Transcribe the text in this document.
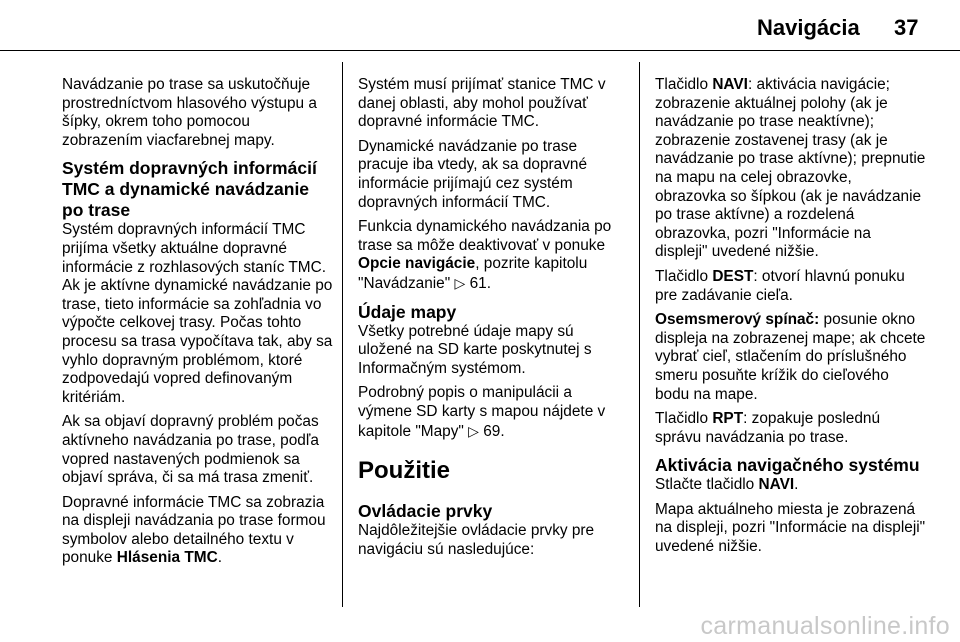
Navigácia 37

Navádzanie po trase sa uskutočňuje prostredníctvom hlasového výstupu a šípky, okrem toho pomocou zobrazením viacfarebnej mapy.

Systém dopravných informácií TMC a dynamické navádzanie po trase

Systém dopravných informácií TMC prijíma všetky aktuálne dopravné informácie z rozhlasových staníc TMC. Ak je aktívne dynamické navádzanie po trase, tieto informácie sa zohľadnia vo výpočte celkovej trasy. Počas tohto procesu sa trasa vypočítava tak, aby sa vyhlo dopravným problémom, ktoré zodpovedajú vopred definovaným kritériám.

Ak sa objaví dopravný problém počas aktívneho navádzania po trase, podľa vopred nastavených podmienok sa objaví správa, či sa má trasa zmeniť.

Dopravné informácie TMC sa zobrazia na displeji navádzania po trase formou symbolov alebo detailného textu v ponuke Hlásenia TMC.

Systém musí prijímať stanice TMC v danej oblasti, aby mohol používať dopravné informácie TMC.

Dynamické navádzanie po trase pracuje iba vtedy, ak sa dopravné informácie prijímajú cez systém dopravných informácií TMC.

Funkcia dynamického navádzania po trase sa môže deaktivovať v ponuke Opcie navigácie, pozrite kapitolu "Navádzanie" ▷ 61.

Údaje mapy

Všetky potrebné údaje mapy sú uložené na SD karte poskytnutej s Informačným systémom.

Podrobný popis o manipulácii a výmene SD karty s mapou nájdete v kapitole "Mapy" ▷ 69.

Použitie
Ovládacie prvky

Najdôležitejšie ovládacie prvky pre navigáciu sú nasledujúce:

Tlačidlo NAVI: aktivácia navigácie; zobrazenie aktuálnej polohy (ak je navádzanie po trase neaktívne); zobrazenie zostavenej trasy (ak je navádzanie po trase aktívne); prepnutie na mapu na celej obrazovke, obrazovka so šípkou (ak je navádzanie po trase aktívne) a rozdelená obrazovka, pozri "Informácie na displeji" uvedené nižšie.

Tlačidlo DEST: otvorí hlavnú ponuku pre zadávanie cieľa.

Osemsmerový spínač: posunie okno displeja na zobrazenej mape; ak chcete vybrať cieľ, stlačením do príslušného smeru posuňte krížik do cieľového bodu na mape.

Tlačidlo RPT: zopakuje poslednú správu navádzania po trase.

Aktivácia navigačného systému

Stlačte tlačidlo NAVI.

Mapa aktuálneho miesta je zobrazená na displeji, pozri "Informácie na displeji" uvedené nižšie.

carmanualsonline.info
